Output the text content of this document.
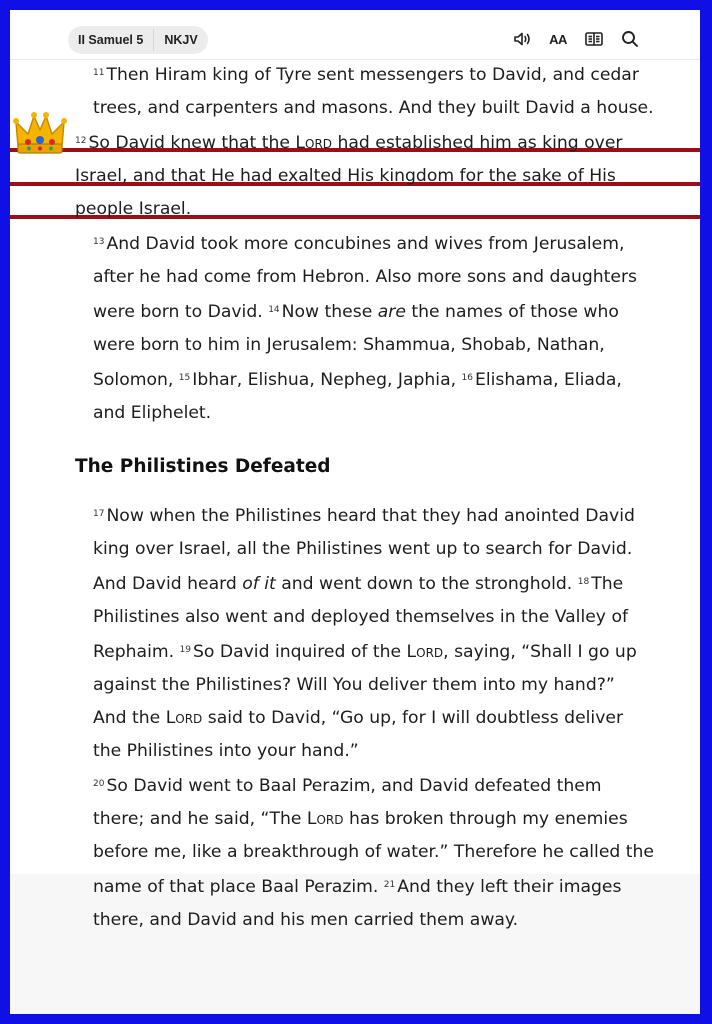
II Samuel 5	NKJV	AA

$^{11}$ Then Hiram king of Tyre sent messengers to David, and cedar trees, and carpenters and masons. And they built David a house.

$^{12}$ So David knew that the Lord had established him as king over Israel, and that He had exalted His kingdom for the sake of His people Israel.

$^{13}$ And David took more concubines and wives from Jerusalem, after he had come from Hebron. Also more sons and daughters were born to David. $^{14}$ Now these are the names of those who were born to him in Jerusalem: Shammua, Shobab, Nathan, Solomon, $^{15}$ Ibhar, Elishua, Nepheg, Japhia, $^{16}$ Elishama, Eliada, and Eliphelet.

The Philistines Defeated

$^{17}$ Now when the Philistines heard that they had anointed David king over Israel, all the Philistines went up to search for David. And David heard of it and went down to the stronghold. $^{18}$ The Philistines also went and deployed themselves in the Valley of Rephaim. $^{19}$ So David inquired of the Lord, saying, “Shall I go up against the Philistines? Will You deliver them into my hand?”

And the Lord said to David, “Go up, for I will doubtless deliver the Philistines into your hand.”

$^{20}$ So David went to Baal Perazim, and David defeated them there; and he said, “The Lord has broken through my enemies before me, like a breakthrough of water.” Therefore he called the name of that place Baal Perazim. $^{21}$ And they left their images there, and David and his men carried them away.
